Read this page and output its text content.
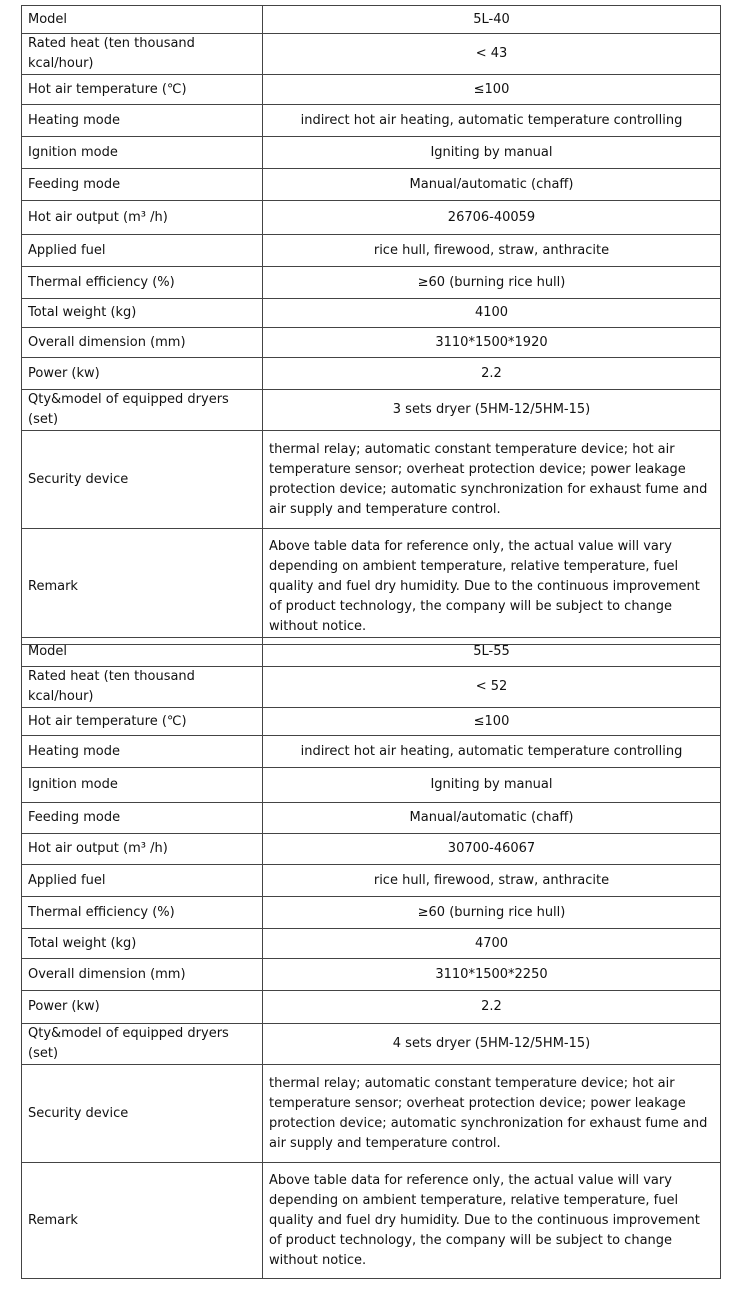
Model	5L-40
Rated heat (ten thousand kcal/hour)	< 43
Hot air temperature (℃)	≤100
Heating mode	indirect hot air heating, automatic temperature controlling
Ignition mode	Igniting by manual
Feeding mode	Manual/automatic (chaff)
Hot air output (m³ /h)	26706-40059
Applied fuel	rice hull, firewood, straw, anthracite
Thermal efficiency (%)	≥60 (burning rice hull)
Total weight (kg)	4100
Overall dimension (mm)	3110*1500*1920
Power (kw)	2.2
Qty&model of equipped dryers (set)	3 sets dryer (5HM-12/5HM-15)
Security device	thermal relay; automatic constant temperature device; hot air temperature sensor; overheat protection device; power leakage protection device; automatic synchronization for exhaust fume and air supply and temperature control.
Remark	Above table data for reference only, the actual value will vary depending on ambient temperature, relative temperature, fuel quality and fuel dry humidity. Due to the continuous improvement of product technology, the company will be subject to change without notice.
Model	5L-55
Rated heat (ten thousand kcal/hour)	< 52
Hot air temperature (℃)	≤100
Heating mode	indirect hot air heating, automatic temperature controlling
Ignition mode	Igniting by manual
Feeding mode	Manual/automatic (chaff)
Hot air output (m³ /h)	30700-46067
Applied fuel	rice hull, firewood, straw, anthracite
Thermal efficiency (%)	≥60 (burning rice hull)
Total weight (kg)	4700
Overall dimension (mm)	3110*1500*2250
Power (kw)	2.2
Qty&model of equipped dryers (set)	4 sets dryer (5HM-12/5HM-15)
Security device	thermal relay; automatic constant temperature device; hot air temperature sensor; overheat protection device; power leakage protection device; automatic synchronization for exhaust fume and air supply and temperature control.
Remark	Above table data for reference only, the actual value will vary depending on ambient temperature, relative temperature, fuel quality and fuel dry humidity. Due to the continuous improvement of product technology, the company will be subject to change without notice.
